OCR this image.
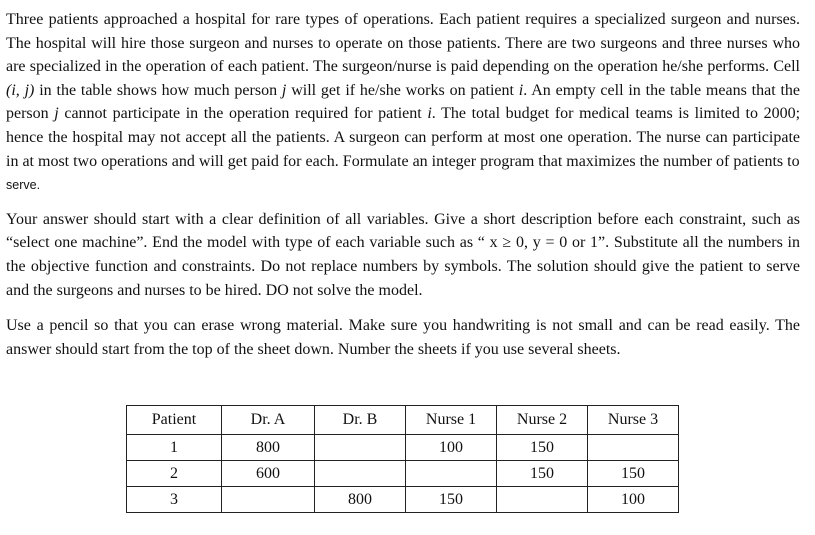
Three patients approached a hospital for rare types of operations. Each patient requires a specialized surgeon and nurses. The hospital will hire those surgeon and nurses to operate on those patients. There are two surgeons and three nurses who are specialized in the operation of each patient. The surgeon/nurse is paid depending on the operation he/she performs. Cell (i, j) in the table shows how much person j will get if he/she works on patient i. An empty cell in the table means that the person j cannot participate in the operation required for patient i. The total budget for medical teams is limited to 2000; hence the hospital may not accept all the patients. A surgeon can perform at most one operation. The nurse can participate in at most two operations and will get paid for each. Formulate an integer program that maximizes the number of patients to
serve.

Your answer should start with a clear definition of all variables. Give a short description before each constraint, such as “select one machine”. End the model with type of each variable such as “ x ≥ 0, y = 0 or 1”. Substitute all the numbers in the objective function and constraints. Do not replace numbers by symbols. The solution should give the patient to serve and the surgeons and nurses to be hired. DO not solve the model.

Use a pencil so that you can erase wrong material. Make sure you handwriting is not small and can be read easily. The answer should start from the top of the sheet down. Number the sheets if you use several sheets.

Patient	Dr. A	Dr. B	Nurse 1	Nurse 2	Nurse 3
1	800		100	150	
2	600			150	150
3		800	150		100
